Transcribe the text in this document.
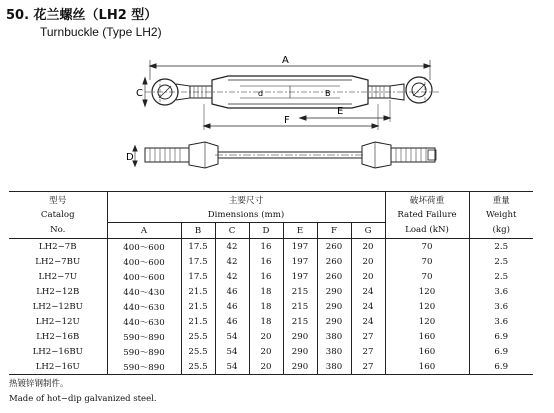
50. 花兰螺丝（LH2 型）
Turnbuckle (Type LH2)
A
C	d	B
E
F
D
型号	主要尺寸							破坏荷重	重量
Catalog	Dimensions (mm)							Rated Failure	Weight
No.	A	B	C	D	E	F	G	Load (kN)	(kg)
LH2−7B	400～600	17.5	42	16	197	260	20	70	2.5
LH2−7BU	400～600	17.5	42	16	197	260	20	70	2.5
LH2−7U	400～600	17.5	42	16	197	260	20	70	2.5
LH2−12B	440～430	21.5	46	18	215	290	24	120	3.6
LH2−12BU	440～630	21.5	46	18	215	290	24	120	3.6
LH2−12U	440～630	21.5	46	18	215	290	24	120	3.6
LH2−16B	590～890	25.5	54	20	290	380	27	160	6.9
LH2−16BU	590～890	25.5	54	20	290	380	27	160	6.9
LH2−16U	590～890	25.5	54	20	290	380	27	160	6.9
热镀锌钢制件。
Made of hot−dip galvanized steel.
